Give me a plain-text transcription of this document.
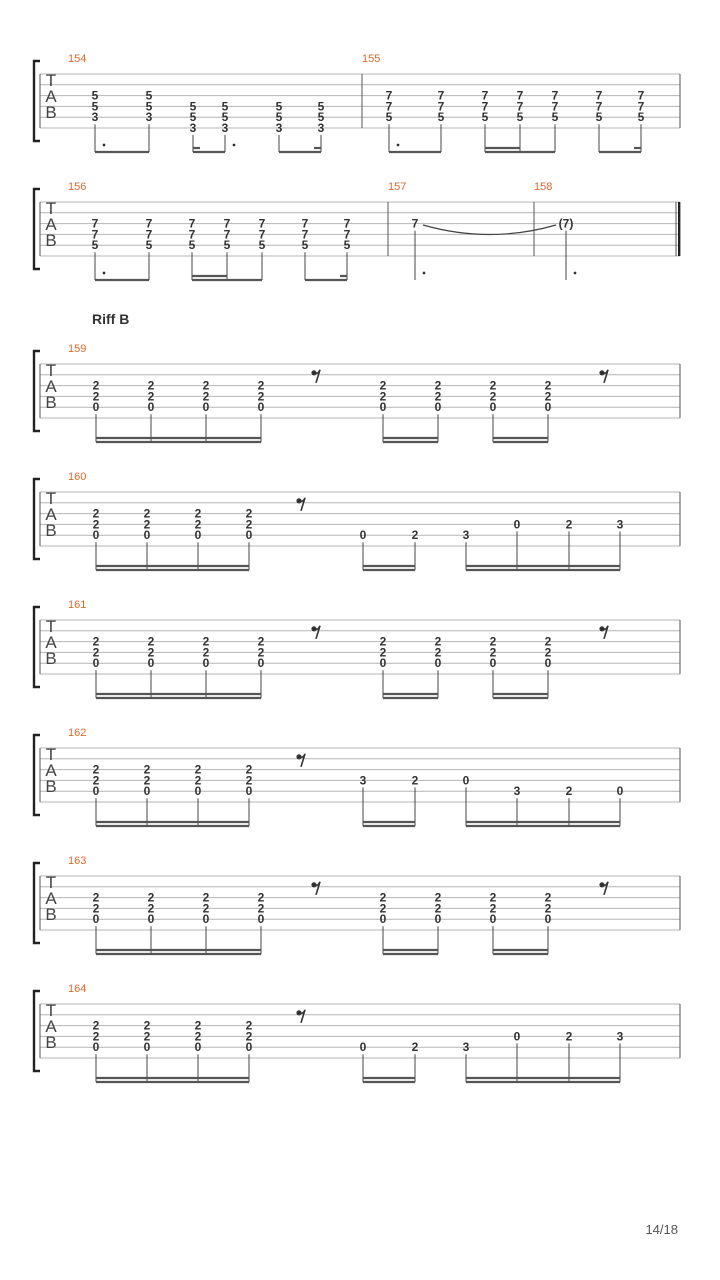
T
A
B
154
5
5
3
5
5
3
5
5
3
5
5
3
5
5
3
5
5
3
155
7
7
5
7
7
5
7
7
5
7
7
5
7
7
5
7
7
5
7
7
5
T
A
B
156
7
7
5
7
7
5
7
7
5
7
7
5
7
7
5
7
7
5
7
7
5
157
7
158
(7)
T
A
B
159
2
2
0
2
2
0
2
2
0
2
2
0
2
2
0
2
2
0
2
2
0
2
2
0
T
A
B
160
2
2
0
2
2
0
2
2
0
2
2
0	0	2	3
0	2	3
T
A
B
161
2
2
0
2
2
0
2
2
0
2
2
0
2
2
0
2
2
0
2
2
0
2
2
0
T
A
B
162
2
2
0
2
2
0
2
2
0
2
2
0
3	2	0
3	2	0
T
A
B
163
2
2
0
2
2
0
2
2
0
2
2
0
2
2
0
2
2
0
2
2
0
2
2
0
T
A
B
164
2
2
0
2
2
0
2
2
0
2
2
0	0	2	3
0	2	3
Riff B
14/18
